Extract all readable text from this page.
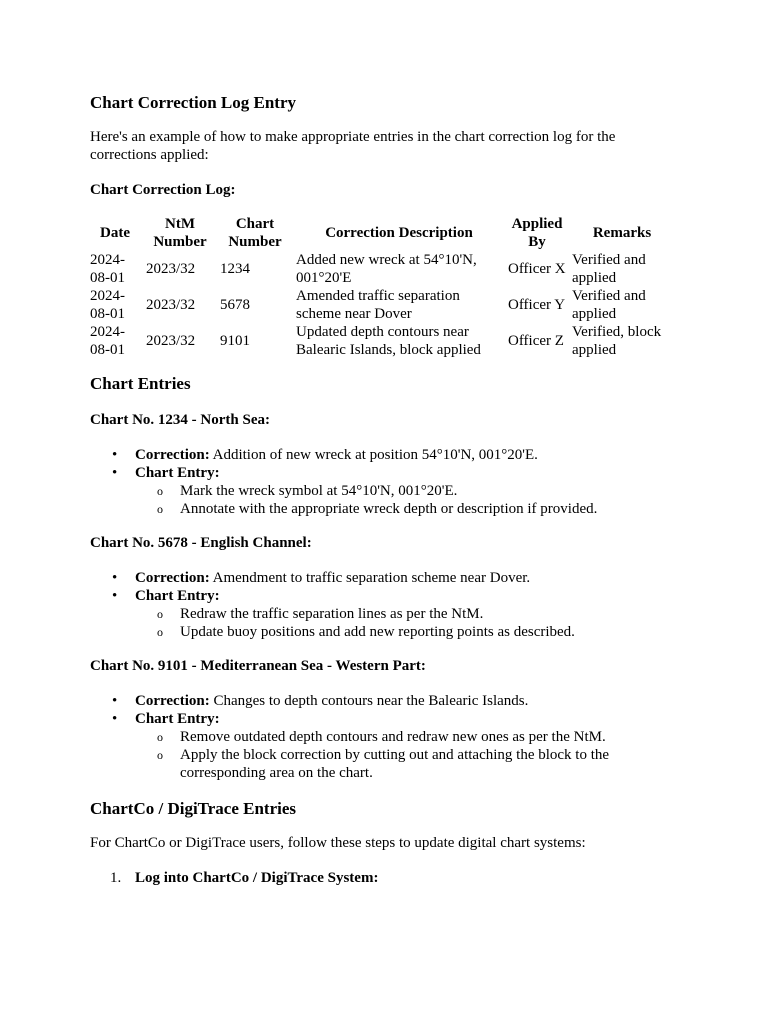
Chart Correction Log Entry

Here's an example of how to make appropriate entries in the chart correction log for the corrections applied:

Chart Correction Log:

Date	NtM Number	Chart Number	Correction Description	Applied By	Remarks
2024-08-01	2023/32	1234	Added new wreck at 54°10'N, 001°20'E	Officer X	Verified and applied
2024-08-01	2023/32	5678	Amended traffic separation scheme near Dover	Officer Y	Verified and applied
2024-08-01	2023/32	9101	Updated depth contours near Balearic Islands, block applied	Officer Z	Verified, block applied
Chart Entries

Chart No. 1234 - North Sea:

• Correction: Addition of new wreck at position 54°10'N, 001°20'E.
• Chart Entry:
o Mark the wreck symbol at 54°10'N, 001°20'E.
o Annotate with the appropriate wreck depth or description if provided.

Chart No. 5678 - English Channel:

• Correction: Amendment to traffic separation scheme near Dover.
• Chart Entry:
o Redraw the traffic separation lines as per the NtM.
o Update buoy positions and add new reporting points as described.

Chart No. 9101 - Mediterranean Sea - Western Part:

• Correction: Changes to depth contours near the Balearic Islands.
• Chart Entry:
o Remove outdated depth contours and redraw new ones as per the NtM.
o Apply the block correction by cutting out and attaching the block to the corresponding area on the chart.
ChartCo / DigiTrace Entries

For ChartCo or DigiTrace users, follow these steps to update digital chart systems:

1. Log into ChartCo / DigiTrace System:
